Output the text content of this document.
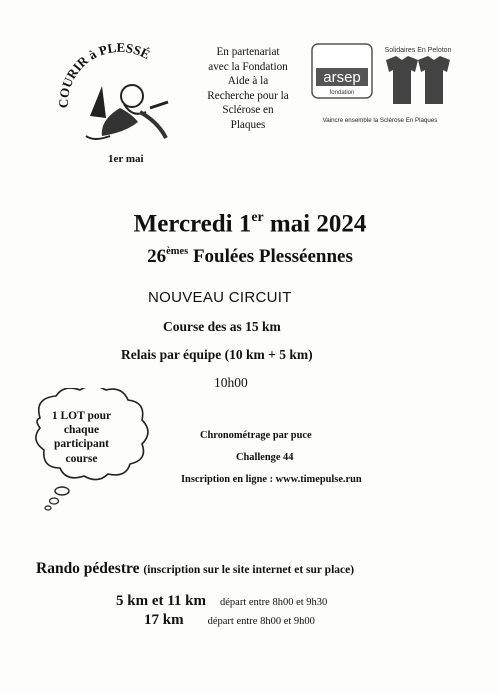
COURIR à PLESSÉ
1er mai
En partenariat
avec la Fondation
Aide à la
Recherche pour la
Sclérose en
Plaques
arsep
fondation
Solidaires En Peloton
Vaincre ensemble la Sclérose En Plaques
Mercredi 1er mai 2024
26èmes Foulées Plesséennes
NOUVEAU CIRCUIT
Course des as 15 km
Relais par équipe (10 km + 5 km)
10h00
1 LOT pour
chaque
participant
course
Chronométrage par puce
Challenge 44
Inscription en ligne : www.timepulse.run
Rando pédestre (inscription sur le site internet et sur place)
5 km et 11 km départ entre 8h00 et 9h30
17 km départ entre 8h00 et 9h00
